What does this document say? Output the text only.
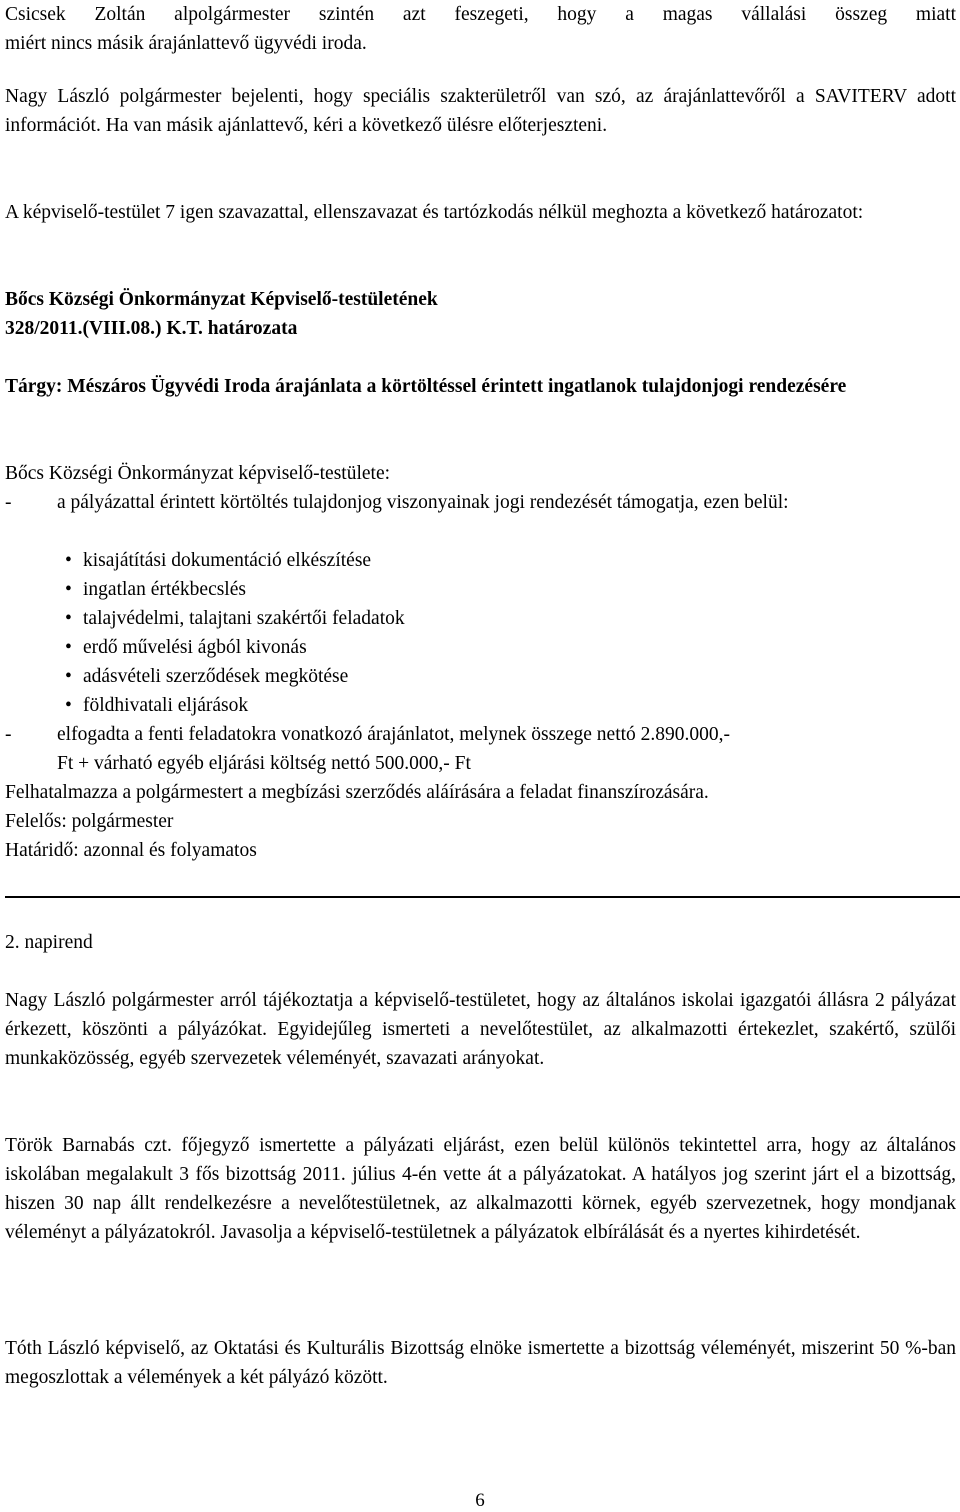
Csicsek Zoltán alpolgármester szintén azt feszegeti, hogy a magas vállalási összeg miatt

miért nincs másik árajánlattevő ügyvédi iroda.

Nagy László polgármester bejelenti, hogy speciális szakterületről van szó, az árajánlattevőről a SAVITERV adott információt. Ha van másik ajánlattevő, kéri a következő ülésre előterjeszteni.

A képviselő-testület 7 igen szavazattal, ellenszavazat és tartózkodás nélkül meghozta a következő határozatot:

Bőcs Községi Önkormányzat Képviselő-testületének

328/2011.(VIII.08.) K.T. határozata

Tárgy: Mészáros Ügyvédi Iroda árajánlata a körtöltéssel érintett ingatlanok tulajdonjogi rendezésére

Bőcs Községi Önkormányzat képviselő-testülete:

- a pályázattal érintett körtöltés tulajdonjog viszonyainak jogi rendezését támogatja, ezen belül:
• kisajátítási dokumentáció elkészítése
• ingatlan értékbecslés
• talajvédelmi, talajtani szakértői feladatok
• erdő művelési ágból kivonás
• adásvételi szerződések megkötése
• földhivatali eljárások
- elfogadta a fenti feladatokra vonatkozó árajánlatot, melynek összege nettó 2.890.000,-
Ft + várható egyéb eljárási költség nettó 500.000,- Ft

Felhatalmazza a polgármestert a megbízási szerződés aláírására a feladat finanszírozására.

Felelős: polgármester

Határidő: azonnal és folyamatos

2. napirend

Nagy László polgármester arról tájékoztatja a képviselő-testületet, hogy az általános iskolai igazgatói állásra 2 pályázat érkezett, köszönti a pályázókat. Egyidejűleg ismerteti a nevelőtestület, az alkalmazotti értekezlet, szakértő, szülői munkaközösség, egyéb szervezetek véleményét, szavazati arányokat.

Török Barnabás czt. főjegyző ismertette a pályázati eljárást, ezen belül különös tekintettel arra, hogy az általános iskolában megalakult 3 fős bizottság 2011. július 4-én vette át a pályázatokat. A hatályos jog szerint járt el a bizottság, hiszen 30 nap állt rendelkezésre a nevelőtestületnek, az alkalmazotti körnek, egyéb szervezetnek, hogy mondjanak véleményt a pályázatokról. Javasolja a képviselő-testületnek a pályázatok elbírálását és a nyertes kihirdetését.

Tóth László képviselő, az Oktatási és Kulturális Bizottság elnöke ismertette a bizottság véleményét, miszerint 50 %-ban megoszlottak a vélemények a két pályázó között.

6
